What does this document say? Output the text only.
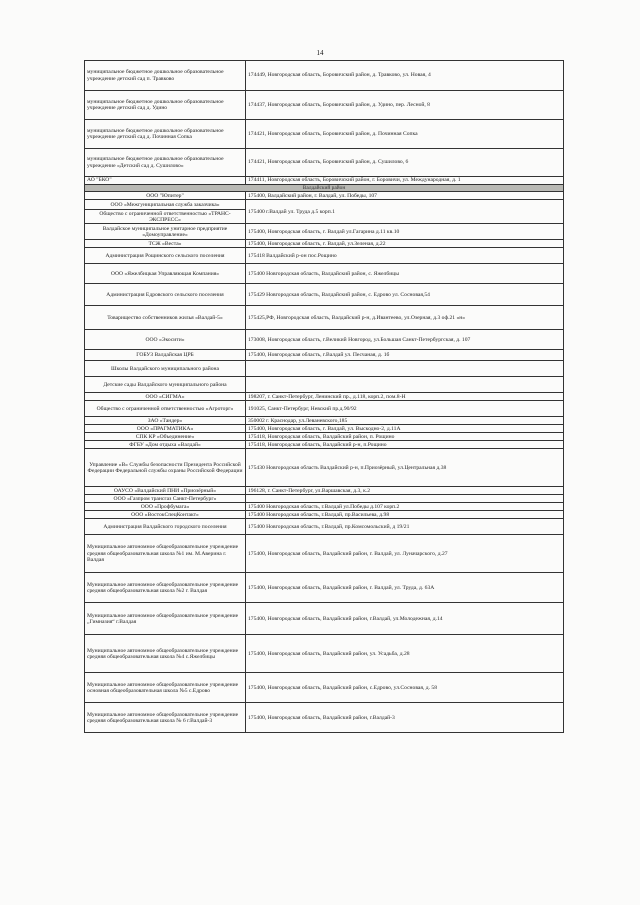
14
муниципальное бюджетное дошкольное образовательное учреждение детский сад п. Травково	174449, Новгородская область, Боровичский район, д. Травково, ул. Новая, 4
муниципальное бюджетное дошкольное образовательное учреждение детский сад д. Удино	174437, Новгородская область, Боровичский район, д. Удино, пер. Лесной, 8
муниципальное бюджетное дошкольное образовательное учреждение детский сад д. Починная Сопка	174421, Новгородская область, Боровичский район, д. Починная Сопка
муниципальное бюджетное дошкольное образовательное учреждение «Детский сад д. Сушилово»	174421, Новгородская область, Боровичский район, д. Сушилово, 6
АО "БКО"	174411, Новгородская область, Боровичский район, г. Боровичи, ул. Международная, д. 1
Валдайский район	
ООО "Юпитер"	175400, Валдайский район, г. Валдай, ул. Победы, 107
ООО «Межгуниципальная служба заказчика»	175400 г.Валдай ул. Труда д.5 корп.1
Общество с ограниченной ответственностью «ТРАНС-ЭКСПРЕСС»	
Валдайское муниципальное унитарное предприятие «Домоуправление»	175400, Новгородская область, г. Валдай ул.Гагарина д.11 кв.10
ТСЖ «Веста»	175400, Новгородская область, г. Валдай, ул.Зеленая, д.22
Администрация Рощинского сельского поселения	175418 Валдайский р-он пос.Рощино
ООО «Яжелбицкая Управляющая Компания»	175400 Новгородская область, Валдайский район, с. Яжелбицы
Администрация Едровского сельского поселения	175429 Новгородская область, Валдайский район, с. Едрово ул. Сосновая,54
Товарищество собственников жилья «Валдай-5»	175425,РФ, Новгородская область, Валдайский р-н, д.Ивантеево, ул.Озерная, д.3 оф.21 «н»
ООО «Экосити»	173008, Новгородская область, г.Великий Новгород, ул.Большая Санкт-Петербургская, д. 107
ГОБУЗ Валдайская ЦРБ	175400, Новгородская область, г.Валдай ул. Песчаная, д. 1б
Школы Валдайского муниципального района	
Детские сады Валдайского муниципального района	
ООО «СИГМА»	198207, г. Санкт-Петербург, Ленинский пр., д.118, корп.2, пом.8-Н
Общество с ограниченной ответственностью «Агроторг»	191025, Санкт-Петербург, Невский пр.д.90/92
ЗАО «Тандер»	350002 г. Краснодар, ул.Леваневского,185
ООО «ПРАГМАТИКА»	175400, Новгородская область, г. Валдай, ул. Выскодно-2, д.11А
СПК КР «Объединение»	175418, Новгородская область, Валдайский район, п. Рощино
ФГБУ «Дом отдыха «Валдай»	175418, Новгородская область, Валдайский р-н, п.Рощино
Управление «В» Службы безопасности Президента Российской Федерации Федеральной службы охраны Российской Федерации	175430 Новгородская область Валдайский р-н, п.Приозёрный, ул.Центральная д.38
ОАУСО «Валдайский ПНИ «Приозёрный»	196128, г. Санкт-Петербург, ул.Варшавская, д.3, к.2
ООО «Газпром трансгаз Санкт-Петербург»	
ООО «Профбумага»	175400 Новгородская область, г.Валдай ул.Победы д.107 корп.2
ООО «ВостокСпецКонтакт»	175400 Новгородская область, г.Валдай, пр.Васильева, д.98
Администрация Валдайского городского поселения	175400 Новгородская область, г.Валдай, пр.Комсомольский, д 19/21
Муниципальное автономное общеобразовательное учреждение средняя общеобразовательная школа №1 им. М.Аверина г. Валдая	175400, Новгородская область, Валдайский район, г. Валдай, ул. Луначарского, д.27
Муниципальное автономное общеобразовательное учреждение средняя общеобразовательная школа №2 г. Валдая	175400, Новгородская область, Валдайский район, г. Валдай, ул. Труда, д. 63А
Муниципальное автономное общеобразовательное учреждение „Гимназия“ г.Валдая	175400, Новгородская область, Валдайский район, г.Валдай, ул.Молодежная, д.14
Муниципальное автономное общеобразовательное учреждение средняя общеобразовательная школа №4 с.Яжелбицы	175400, Новгородская область, Валдайский район, ул. Усадьба, д.28
Муниципальное автономное общеобразовательное учреждение основная общеобразовательная школа №5 с.Едрово	175400, Новгородская область, Валдайский район, с.Едрово, ул.Сосновая, д. 58
Муниципальное автономное общеобразовательное учреждение средняя общеобразовательная школа № 6 г.Валдай-3	175400, Новгородская область, Валдайский район, г.Валдай-3
